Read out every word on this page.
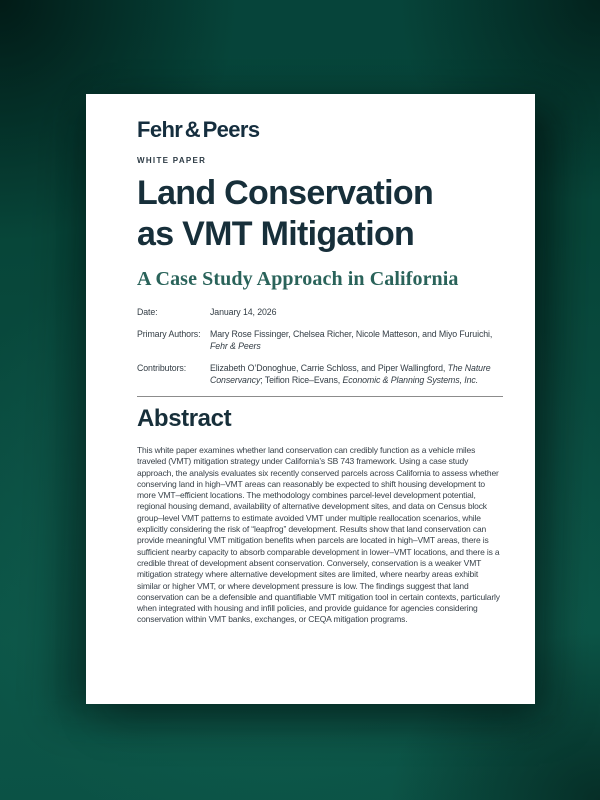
Fehr & Peers
WHITE PAPER
Land Conservation
as VMT Mitigation
A Case Study Approach in California
Date:	January 14, 2026
Primary Authors:	Mary Rose Fissinger, Chelsea Richer, Nicole Matteson, and Miyo Furuichi, Fehr & Peers
Contributors:	Elizabeth O’Donoghue, Carrie Schloss, and Piper Wallingford, The Nature Conservancy; Teifion Rice–Evans, Economic & Planning Systems, Inc.
Abstract

This white paper examines whether land conservation can credibly function as a vehicle miles traveled (VMT) mitigation strategy under California’s SB 743 framework. Using a case study approach, the analysis evaluates six recently conserved parcels across California to assess whether conserving land in high–VMT areas can reasonably be expected to shift housing development to more VMT–efficient locations. The methodology combines parcel-level development potential, regional housing demand, availability of alternative development sites, and data on Census block group–level VMT patterns to estimate avoided VMT under multiple reallocation scenarios, while explicitly considering the risk of “leapfrog” development. Results show that land conservation can provide meaningful VMT mitigation benefits when parcels are located in high–VMT areas, there is sufficient nearby capacity to absorb comparable development in lower–VMT locations, and there is a credible threat of development absent conservation. Conversely, conservation is a weaker VMT mitigation strategy where alternative development sites are limited, where nearby areas exhibit similar or higher VMT, or where development pressure is low. The findings suggest that land conservation can be a defensible and quantifiable VMT mitigation tool in certain contexts, particularly when integrated with housing and infill policies, and provide guidance for agencies considering conservation within VMT banks, exchanges, or CEQA mitigation programs.
